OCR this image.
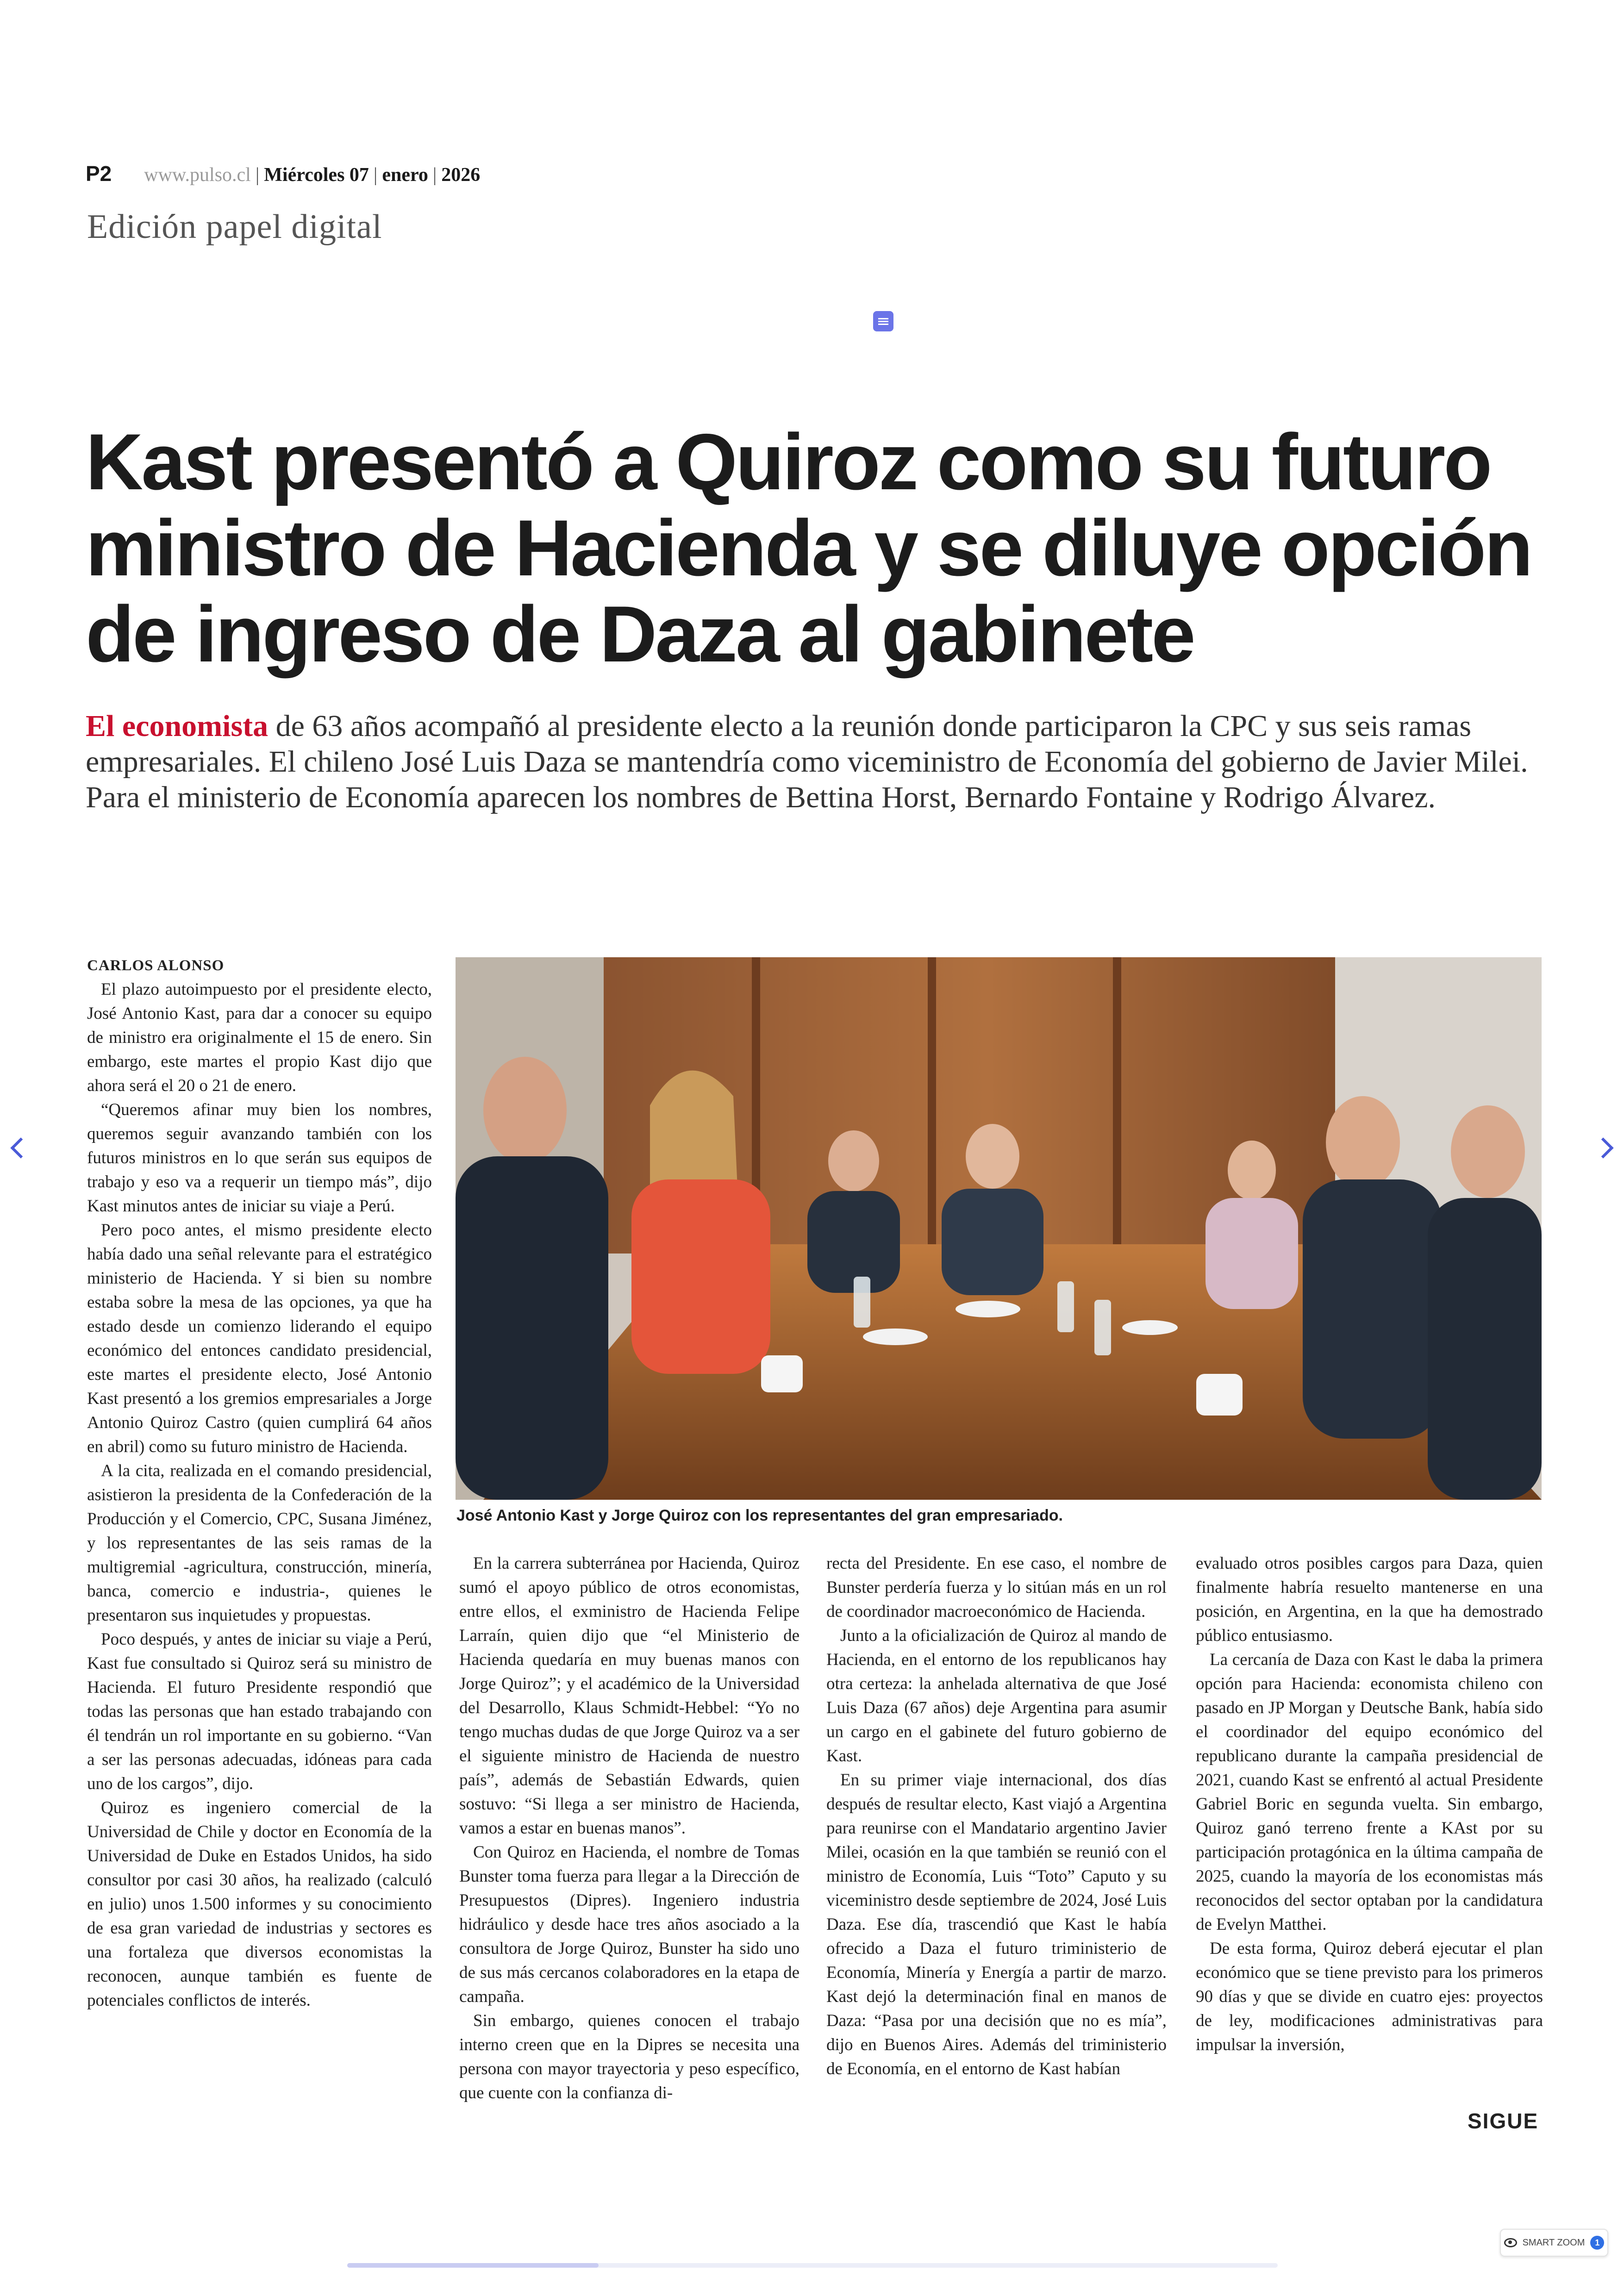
P2 www.pulso.cl | Miércoles 07 | enero | 2026
Edición papel digital
Kast presentó a Quiroz como su futuro ministro de Hacienda y se diluye opción de ingreso de Daza al gabinete

El economista de 63 años acompañó al presidente electo a la reunión donde participaron la CPC y sus seis ramas empresariales. El chileno José Luis Daza se mantendría como viceministro de Economía del gobierno de Javier Milei. Para el ministerio de Economía aparecen los nombres de Bettina Horst, Bernardo Fontaine y Rodrigo Álvarez.

CARLOS ALONSO

El plazo autoimpuesto por el presidente electo, José Antonio Kast, para dar a conocer su equipo de ministro era originalmente el 15 de enero. Sin embargo, este martes el propio Kast dijo que ahora será el 20 o 21 de enero.

“Queremos afinar muy bien los nombres, queremos seguir avanzando también con los futuros ministros en lo que serán sus equipos de trabajo y eso va a requerir un tiempo más”, dijo Kast minutos antes de iniciar su viaje a Perú.

Pero poco antes, el mismo presidente electo había dado una señal relevante para el estratégico ministerio de Hacienda. Y si bien su nombre estaba sobre la mesa de las opciones, ya que ha estado desde un comienzo liderando el equipo económico del entonces candidato presidencial, este martes el presidente electo, José Antonio Kast presentó a los gremios empresariales a Jorge Antonio Quiroz Castro (quien cumplirá 64 años en abril) como su futuro ministro de Hacienda.

A la cita, realizada en el comando presidencial, asistieron la presidenta de la Confederación de la Producción y el Comercio, CPC, Susana Jiménez, y los representantes de las seis ramas de la multigremial -agricultura, construcción, minería, banca, comercio e industria-, quienes le presentaron sus inquietudes y propuestas.

Poco después, y antes de iniciar su viaje a Perú, Kast fue consultado si Quiroz será su ministro de Hacienda. El futuro Presidente respondió que todas las personas que han estado trabajando con él tendrán un rol importante en su gobierno. “Van a ser las personas adecuadas, idóneas para cada uno de los cargos”, dijo.

Quiroz es ingeniero comercial de la Universidad de Chile y doctor en Economía de la Universidad de Duke en Estados Unidos, ha sido consultor por casi 30 años, ha realizado (calculó en julio) unos 1.500 informes y su conocimiento de esa gran variedad de industrias y sectores es una fortaleza que diversos economistas la reconocen, aunque también es fuente de potenciales conflictos de interés.

José Antonio Kast y Jorge Quiroz con los representantes del gran empresariado.

En la carrera subterránea por Hacienda, Quiroz sumó el apoyo público de otros economistas, entre ellos, el exministro de Hacienda Felipe Larraín, quien dijo que “el Ministerio de Hacienda quedaría en muy buenas manos con Jorge Quiroz”; y el académico de la Universidad del Desarrollo, Klaus Schmidt-Hebbel: “Yo no tengo muchas dudas de que Jorge Quiroz va a ser el siguiente ministro de Hacienda de nuestro país”, además de Sebastián Edwards, quien sostuvo: “Si llega a ser ministro de Hacienda, vamos a estar en buenas manos”.

Con Quiroz en Hacienda, el nombre de Tomas Bunster toma fuerza para llegar a la Dirección de Presupuestos (Dipres). Ingeniero industria hidráulico y desde hace tres años asociado a la consultora de Jorge Quiroz, Bunster ha sido uno de sus más cercanos colaboradores en la etapa de campaña.

Sin embargo, quienes conocen el trabajo interno creen que en la Dipres se necesita una persona con mayor trayectoria y peso específico, que cuente con la confianza di-

recta del Presidente. En ese caso, el nombre de Bunster perdería fuerza y lo sitúan más en un rol de coordinador macroeconómico de Hacienda.

Junto a la oficialización de Quiroz al mando de Hacienda, en el entorno de los republicanos hay otra certeza: la anhelada alternativa de que José Luis Daza (67 años) deje Argentina para asumir un cargo en el gabinete del futuro gobierno de Kast.

En su primer viaje internacional, dos días después de resultar electo, Kast viajó a Argentina para reunirse con el Mandatario argentino Javier Milei, ocasión en la que también se reunió con el ministro de Economía, Luis “Toto” Caputo y su viceministro desde septiembre de 2024, José Luis Daza. Ese día, trascendió que Kast le había ofrecido a Daza el futuro triministerio de Economía, Minería y Energía a partir de marzo. Kast dejó la determinación final en manos de Daza: “Pasa por una decisión que no es mía”, dijo en Buenos Aires. Además del triministerio de Economía, en el entorno de Kast habían

evaluado otros posibles cargos para Daza, quien finalmente habría resuelto mantenerse en una posición, en Argentina, en la que ha demostrado público entusiasmo.

La cercanía de Daza con Kast le daba la primera opción para Hacienda: economista chileno con pasado en JP Morgan y Deutsche Bank, había sido el coordinador del equipo económico del republicano durante la campaña presidencial de 2021, cuando Kast se enfrentó al actual Presidente Gabriel Boric en segunda vuelta. Sin embargo, Quiroz ganó terreno frente a KAst por su participación protagónica en la última campaña de 2025, cuando la mayoría de los economistas más reconocidos del sector optaban por la candidatura de Evelyn Matthei.

De esta forma, Quiroz deberá ejecutar el plan económico que se tiene previsto para los primeros 90 días y que se divide en cuatro ejes: proyectos de ley, modificaciones administrativas para impulsar la inversión,

SIGUE
SMART ZOOM	1
